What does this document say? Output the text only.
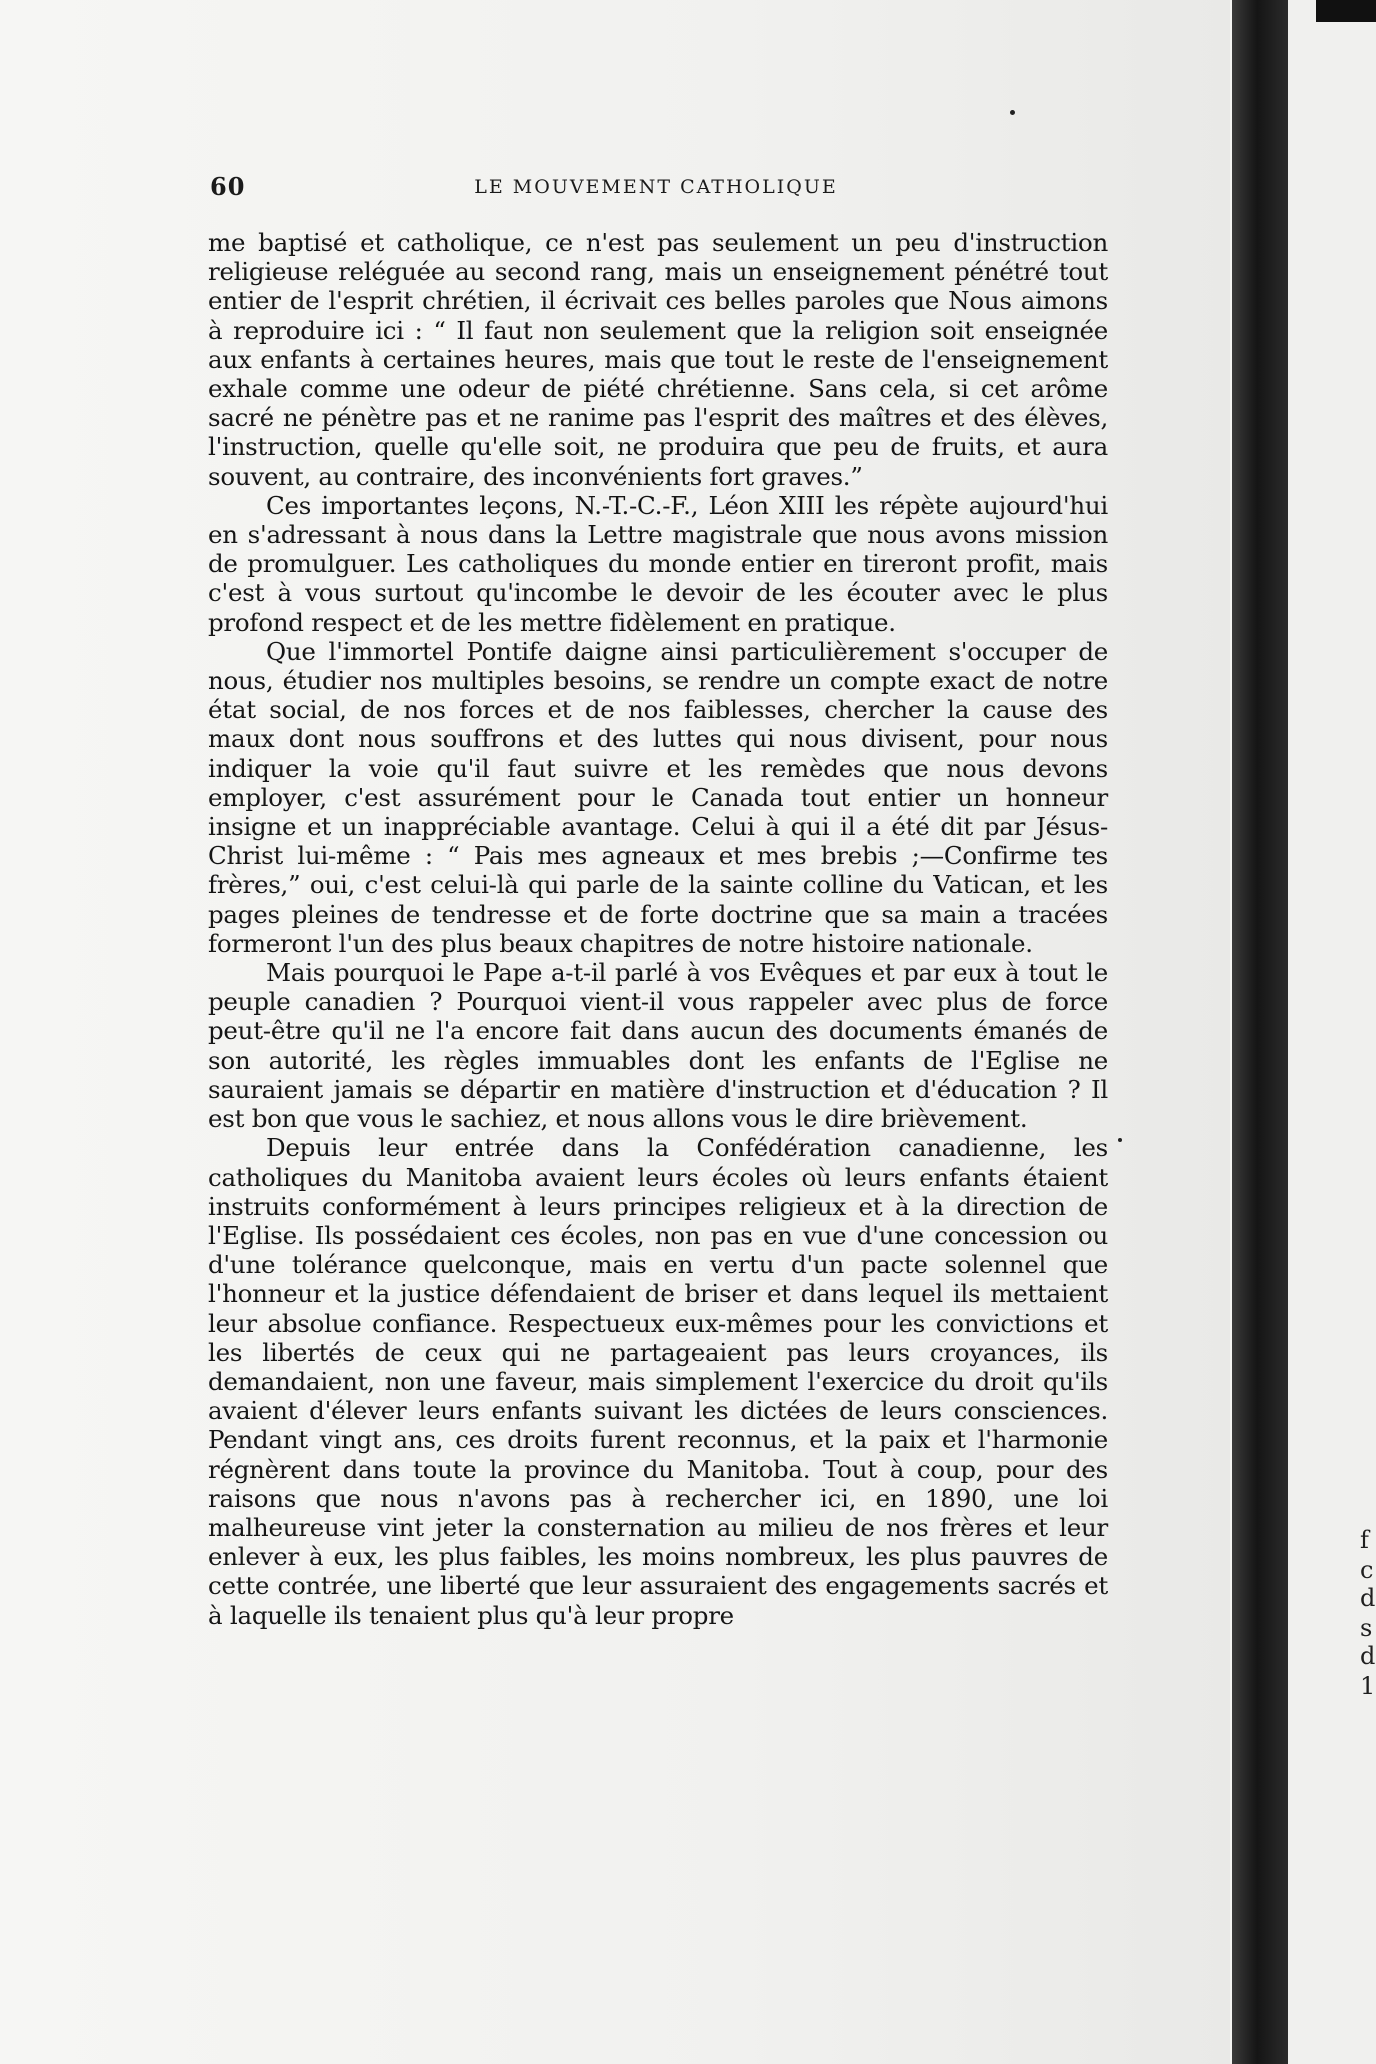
60	LE MOUVEMENT CATHOLIQUE

me baptisé et catholique, ce n'est pas seulement un peu d'instruction religieuse reléguée au second rang, mais un enseignement pénétré tout entier de l'esprit chrétien, il écrivait ces belles paroles que Nous aimons à reproduire ici : “ Il faut non seulement que la religion soit enseignée aux enfants à certaines heures, mais que tout le reste de l'enseignement exhale comme une odeur de piété chrétienne. Sans cela, si cet arôme sacré ne pénètre pas et ne ranime pas l'esprit des maîtres et des élèves, l'instruction, quelle qu'elle soit, ne produira que peu de fruits, et aura souvent, au contraire, des inconvénients fort graves.”

Ces importantes leçons, N.-T.-C.-F., Léon XIII les répète aujourd'hui en s'adressant à nous dans la Lettre magistrale que nous avons mission de promulguer. Les catholiques du monde entier en tireront profit, mais c'est à vous surtout qu'incombe le devoir de les écouter avec le plus profond respect et de les mettre fidèlement en pratique.

Que l'immortel Pontife daigne ainsi particulièrement s'occuper de nous, étudier nos multiples besoins, se rendre un compte exact de notre état social, de nos forces et de nos faiblesses, chercher la cause des maux dont nous souffrons et des luttes qui nous divisent, pour nous indiquer la voie qu'il faut suivre et les remèdes que nous devons employer, c'est assurément pour le Canada tout entier un honneur insigne et un inappréciable avantage. Celui à qui il a été dit par Jésus-Christ lui-même : “ Pais mes agneaux et mes brebis ;—Confirme tes frères,” oui, c'est celui-là qui parle de la sainte colline du Vatican, et les pages pleines de tendresse et de forte doctrine que sa main a tracées formeront l'un des plus beaux chapitres de notre histoire nationale.

Mais pourquoi le Pape a-t-il parlé à vos Evêques et par eux à tout le peuple canadien ? Pourquoi vient-il vous rappeler avec plus de force peut-être qu'il ne l'a encore fait dans aucun des documents émanés de son autorité, les règles immuables dont les enfants de l'Eglise ne sauraient jamais se départir en matière d'instruction et d'éducation ? Il est bon que vous le sachiez, et nous allons vous le dire brièvement.

Depuis leur entrée dans la Confédération canadienne, les catholiques du Manitoba avaient leurs écoles où leurs enfants étaient instruits conformément à leurs principes religieux et à la direction de l'Eglise. Ils possédaient ces écoles, non pas en vue d'une concession ou d'une tolérance quelconque, mais en vertu d'un pacte solennel que l'honneur et la justice défendaient de briser et dans lequel ils mettaient leur absolue confiance. Respectueux eux-mêmes pour les convictions et les libertés de ceux qui ne partageaient pas leurs croyances, ils demandaient, non une faveur, mais simplement l'exercice du droit qu'ils avaient d'élever leurs enfants suivant les dictées de leurs consciences. Pendant vingt ans, ces droits furent reconnus, et la paix et l'harmonie régnèrent dans toute la province du Manitoba. Tout à coup, pour des raisons que nous n'avons pas à rechercher ici, en 1890, une loi malheureuse vint jeter la consternation au milieu de nos frères et leur enlever à eux, les plus faibles, les moins nombreux, les plus pauvres de cette contrée, une liberté que leur assuraient des engagements sacrés et à laquelle ils tenaient plus qu'à leur propre

f
c
d
s
d
1
